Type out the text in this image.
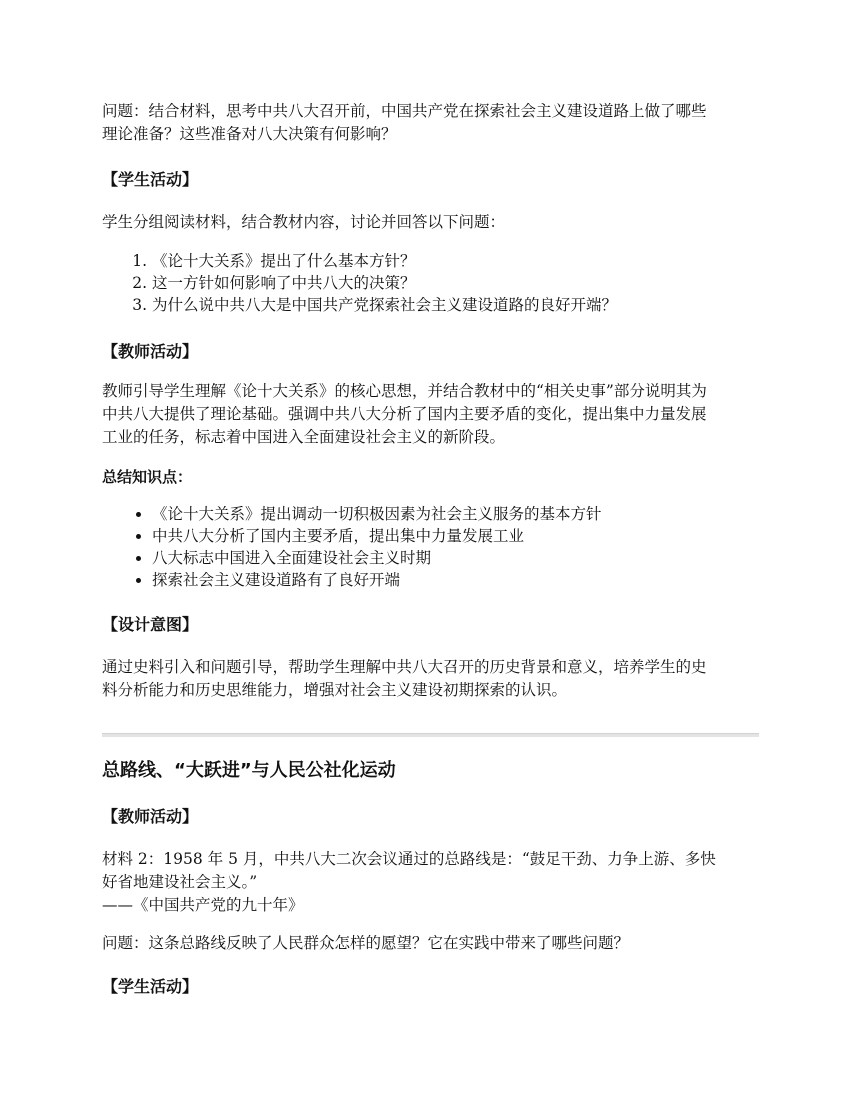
问题：结合材料，思考中共八大召开前，中国共产党在探索社会主义建设道路上做了哪些
理论准备？这些准备对八大决策有何影响？

【学生活动】

学生分组阅读材料，结合教材内容，讨论并回答以下问题：

1. 《论十大关系》提出了什么基本方针？
2. 这一方针如何影响了中共八大的决策？
3. 为什么说中共八大是中国共产党探索社会主义建设道路的良好开端？

【教师活动】

教师引导学生理解《论十大关系》的核心思想，并结合教材中的“相关史事”部分说明其为
中共八大提供了理论基础。强调中共八大分析了国内主要矛盾的变化，提出集中力量发展
工业的任务，标志着中国进入全面建设社会主义的新阶段。

总结知识点：

• 《论十大关系》提出调动一切积极因素为社会主义服务的基本方针
• 中共八大分析了国内主要矛盾，提出集中力量发展工业
• 八大标志中国进入全面建设社会主义时期
• 探索社会主义建设道路有了良好开端

【设计意图】

通过史料引入和问题引导，帮助学生理解中共八大召开的历史背景和意义，培养学生的史
料分析能力和历史思维能力，增强对社会主义建设初期探索的认识。

总路线、“大跃进”与人民公社化运动

【教师活动】

材料 2：1958 年 5 月，中共八大二次会议通过的总路线是：“鼓足干劲、力争上游、多快
好省地建设社会主义。”
——《中国共产党的九十年》

问题：这条总路线反映了人民群众怎样的愿望？它在实践中带来了哪些问题？

【学生活动】
